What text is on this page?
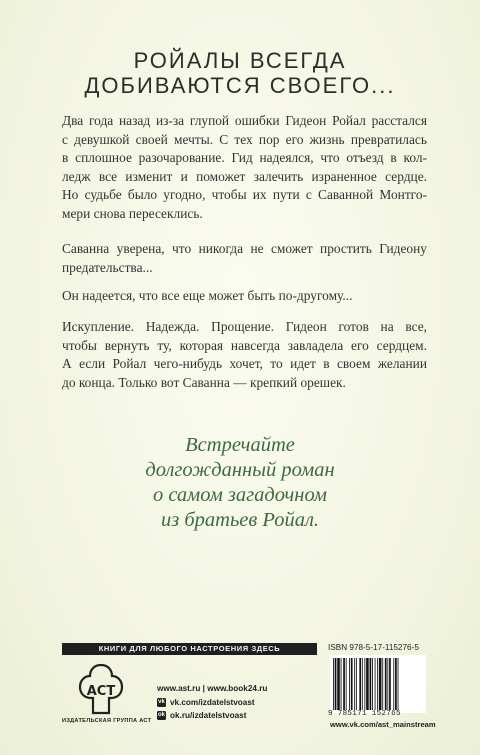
РОЙАЛЫ ВСЕГДА
ДОБИВАЮТСЯ СВОЕГО...
Два года назад из-за глупой ошибки Гидеон Ройал расстался
с девушкой своей мечты. С тех пор его жизнь превратилась
в сплошное разочарование. Гид надеялся, что отъезд в кол-
ледж все изменит и поможет залечить израненное сердце.
Но судьбе было угодно, чтобы их пути с Саванной Монтго-
мери снова пересеклись.
Саванна уверена, что никогда не сможет простить Гидеону
предательства...
Он надеется, что все еще может быть по-другому...
Искупление. Надежда. Прощение. Гидеон готов на все,
чтобы вернуть ту, которая навсегда завладела его сердцем.
А если Ройал чего-нибудь хочет, то идет в своем желании
до конца. Только вот Саванна — крепкий орешек.
Встречайте
долгожданный роман
о самом загадочном
из братьев Ройал.
КНИГИ ДЛЯ ЛЮБОГО НАСТРОЕНИЯ ЗДЕСЬ
АСТ
ИЗДАТЕЛЬСКАЯ ГРУППА АСТ
www.ast.ru | www.book24.ru
vk vk.com/izdatelstvoast
ok ok.ru/izdatelstvoast
ISBN 978-5-17-115276-5
9 785171 152765
www.vk.com/ast_mainstream
